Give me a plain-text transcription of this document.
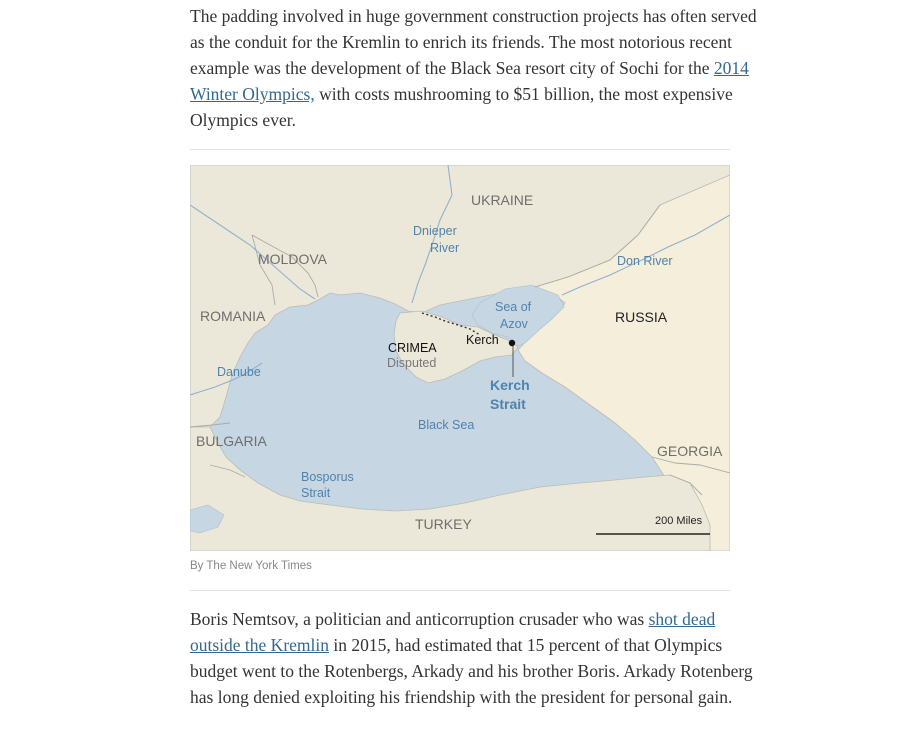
The padding involved in huge government construction projects has often served as the conduit for the Kremlin to enrich its friends. The most notorious recent example was the development of the Black Sea resort city of Sochi for the 2014 Winter Olympics, with costs mushrooming to $51 billion, the most expensive Olympics ever.

UKRAINE
MOLDOVA
ROMANIA	RUSSIA
BULGARIA
GEORGIA
TURKEY
Dnieper
River
Don River
Sea of
Azov
Danube
Black Sea
Bosporus
Strait
CRIMEA
Disputed
Kerch
Kerch
Strait
200 Miles
By The New York Times

Boris Nemtsov, a politician and anticorruption crusader who was shot dead outside the Kremlin in 2015, had estimated that 15 percent of that Olympics budget went to the Rotenbergs, Arkady and his brother Boris. Arkady Rotenberg has long denied exploiting his friendship with the president for personal gain.
